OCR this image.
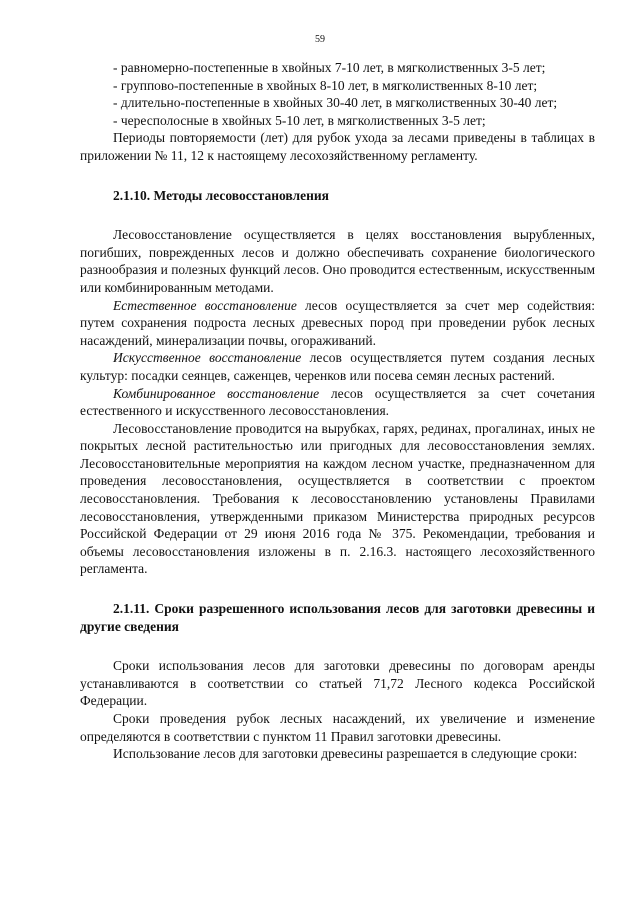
59

- равномерно-постепенные в хвойных 7-10 лет, в мягколиственных 3-5 лет;

- группово-постепенные в хвойных 8-10 лет, в мягколиственных 8-10 лет;

- длительно-постепенные в хвойных 30-40 лет, в мягколиственных 30-40 лет;

- чересполосные в хвойных 5-10 лет, в мягколиственных 3-5 лет;

Периоды повторяемости (лет) для рубок ухода за лесами приведены в таблицах в приложении № 11, 12 к настоящему лесохозяйственному регламенту.

2.1.10. Методы лесовосстановления

Лесовосстановление осуществляется в целях восстановления вырубленных, погибших, поврежденных лесов и должно обеспечивать сохранение биологического разнообразия и полезных функций лесов. Оно проводится естественным, искусственным или комбинированным методами.

Естественное восстановление лесов осуществляется за счет мер содействия: путем сохранения подроста лесных древесных пород при проведении рубок лесных насаждений, минерализации почвы, огораживаний.

Искусственное восстановление лесов осуществляется путем создания лесных культур: посадки сеянцев, саженцев, черенков или посева семян лесных растений.

Комбинированное восстановление лесов осуществляется за счет сочетания естественного и искусственного лесовосстановления.

Лесовосстановление проводится на вырубках, гарях, рединах, прогалинах, иных не покрытых лесной растительностью или пригодных для лесовосстановления землях. Лесовосстановительные мероприятия на каждом лесном участке, предназначенном для проведения лесовосстановления, осуществляется в соответствии с проектом лесовосстановления. Требования к лесовосстановлению установлены Правилами лесовосстановления, утвержденными приказом Министерства природных ресурсов Российской Федерации от 29 июня 2016 года № 375. Рекомендации, требования и объемы лесовосстановления изложены в п. 2.16.3. настоящего лесохозяйственного регламента.

2.1.11. Сроки разрешенного использования лесов для заготовки древесины и другие сведения

Сроки использования лесов для заготовки древесины по договорам аренды устанавливаются в соответствии со статьей 71,72 Лесного кодекса Российской Федерации.

Сроки проведения рубок лесных насаждений, их увеличение и изменение определяются в соответствии с пунктом 11 Правил заготовки древесины.

Использование лесов для заготовки древесины разрешается в следующие сроки:
